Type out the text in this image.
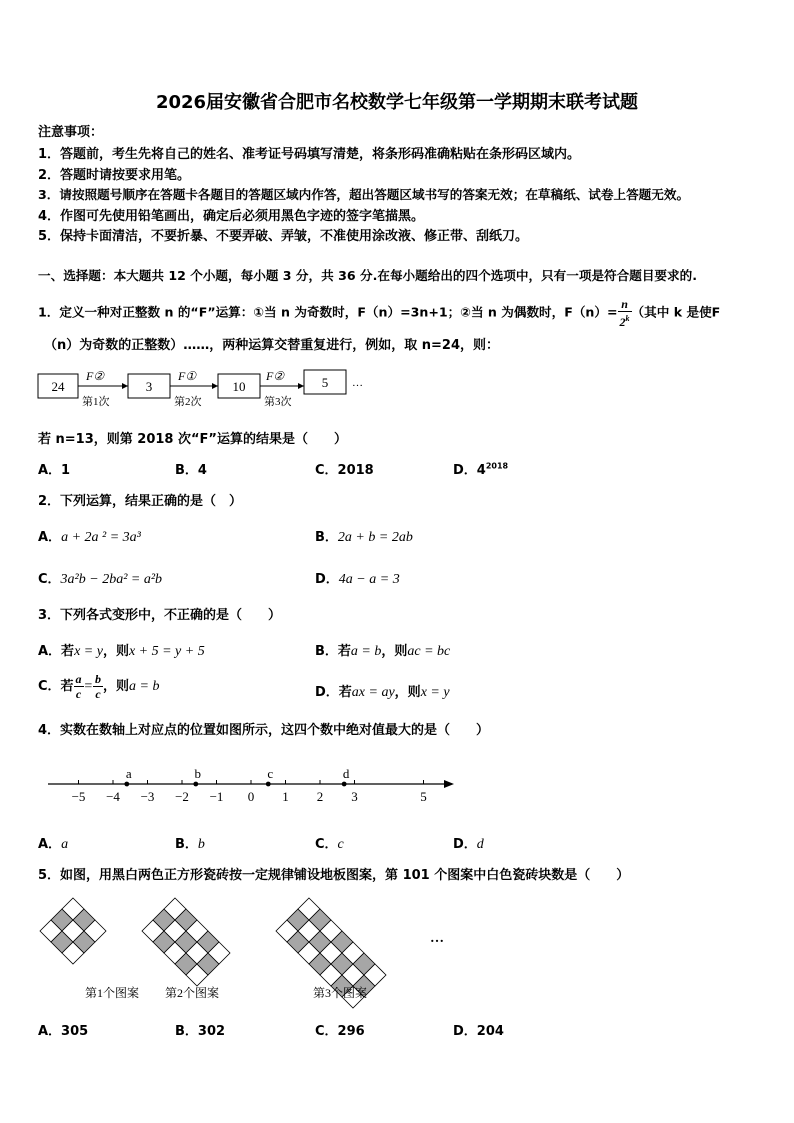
2026届安徽省合肥市名校数学七年级第一学期期末联考试题
注意事项：
1．答题前，考生先将自己的姓名、准考证号码填写清楚，将条形码准确粘贴在条形码区域内。
2．答题时请按要求用笔。
3．请按照题号顺序在答题卡各题目的答题区域内作答，超出答题区域书写的答案无效；在草稿纸、试卷上答题无效。
4．作图可先使用铅笔画出，确定后必须用黑色字迹的签字笔描黑。
5．保持卡面清洁，不要折暴、不要弄破、弄皱，不准使用涂改液、修正带、刮纸刀。
一、选择题：本大题共 12 个小题，每小题 3 分，共 36 分.在每小题给出的四个选项中，只有一项是符合题目要求的.
1．定义一种对正整数 n 的“F”运算：①当 n 为奇数时，F（n）=3n+1；②当 n 为偶数时，$F(n)= \frac{n}{2^k}$ （其中 k 是使F
（n）为奇数的正整数）……，两种运算交替重复进行，例如，取 n=24，则：
24
F②
第1次
3
F①
第2次
10
F②
第3次
5 …
若 n=13，则第 2018 次“F”运算的结果是（　　）
A．1	B．4	C．2018	D．$4^{2018}$
2．下列运算，结果正确的是（　）
A．a + 2a ² = 3a³	B．2a + b = 2ab
C．3a²b − 2ba² = a²b	D．4a − a = 3
3．下列各式变形中，不正确的是（　　）
A．若x = y，则x + 5 = y + 5	B．若a = b，则ac = bc
C．若 $\frac{a}{c} = \frac{b}{c}$ ，则a = b	D．若ax = ay，则x = y
4．实数在数轴上对应点的位置如图所示，这四个数中绝对值最大的是（　　）
−5 −4 −3 −2 −1 0 1 2 3	5
a	b	c	d
A．a	B．b	C．c	D．d
5．如图，用黑白两色正方形瓷砖按一定规律铺设地板图案，第 101 个图案中白色瓷砖块数是（　　）
第1个图案 第2个图案	第3个图案
…
A．305	B．302	C．296	D．204
